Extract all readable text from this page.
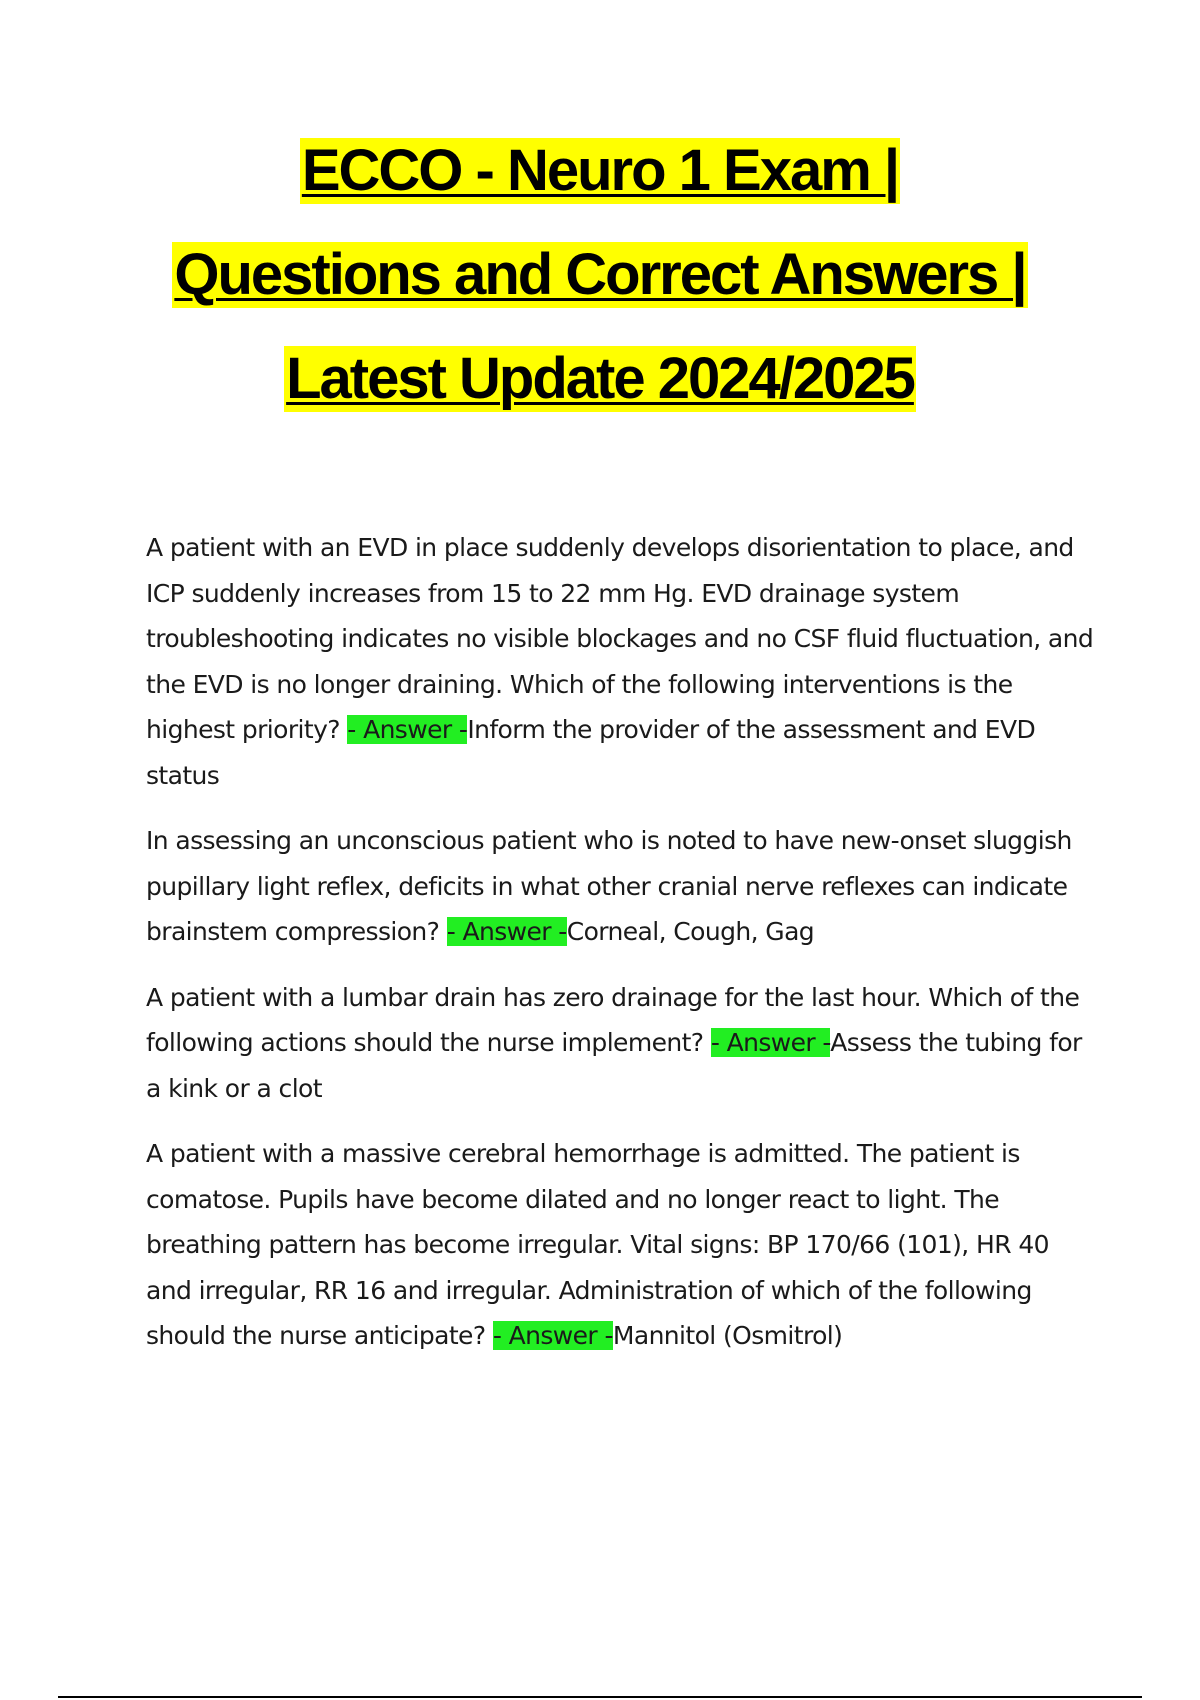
ECCO - Neuro 1 Exam |
Questions and Correct Answers |
Latest Update 2024/2025

A patient with an EVD in place suddenly develops disorientation to place, and ICP suddenly increases from 15 to 22 mm Hg. EVD drainage system troubleshooting indicates no visible blockages and no CSF fluid fluctuation, and the EVD is no longer draining. Which of the following interventions is the highest priority? - Answer -Inform the provider of the assessment and EVD status

In assessing an unconscious patient who is noted to have new-onset sluggish pupillary light reflex, deficits in what other cranial nerve reflexes can indicate brainstem compression? - Answer -Corneal, Cough, Gag

A patient with a lumbar drain has zero drainage for the last hour. Which of the following actions should the nurse implement? - Answer -Assess the tubing for a kink or a clot

A patient with a massive cerebral hemorrhage is admitted. The patient is comatose. Pupils have become dilated and no longer react to light. The breathing pattern has become irregular. Vital signs: BP 170/66 (101), HR 40 and irregular, RR 16 and irregular. Administration of which of the following should the nurse anticipate? - Answer -Mannitol (Osmitrol)
